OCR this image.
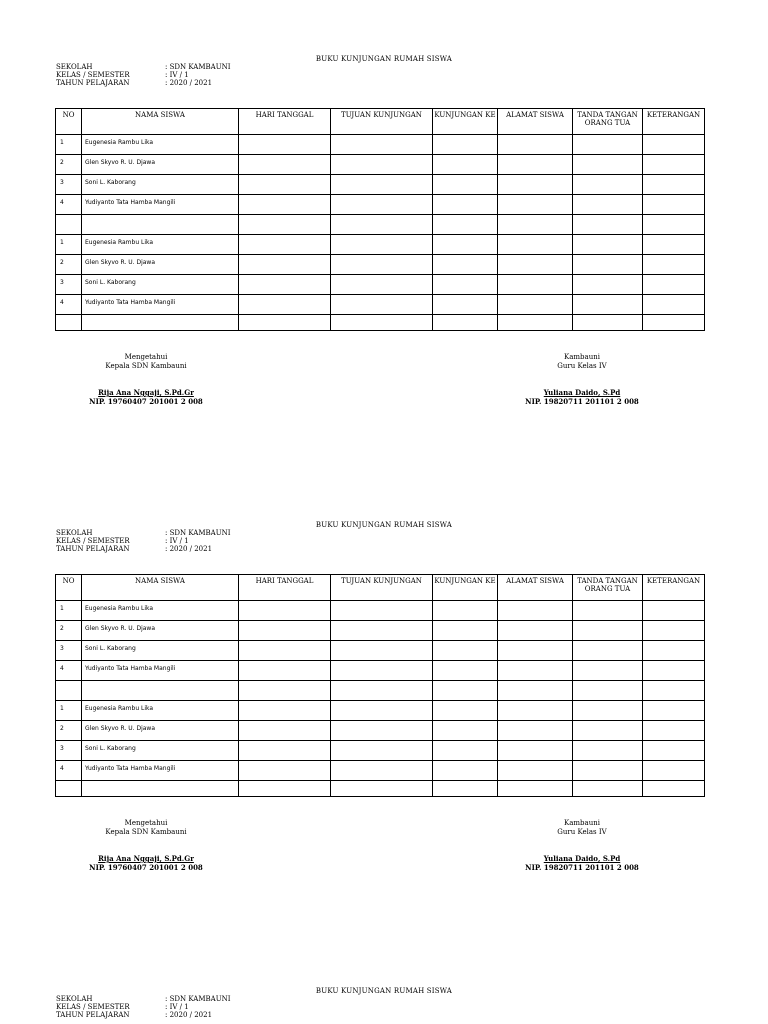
BUKU KUNJUNGAN RUMAH SISWA
SEKOLAH	: SDN KAMBAUNI
KELAS / SEMESTER	: IV / 1
TAHUN PELAJARAN	: 2020 / 2021
NO	NAMA SISWA	HARI TANGGAL	TUJUAN KUNJUNGAN	KUNJUNGAN KE	ALAMAT SISWA	TANDA TANGAN ORANG TUA	KETERANGAN
1	Eugenesia Rambu Lika						
2	Glen Skyvo R. U. Djawa						
3	Soni L. Kaborang						
4	Yudiyanto Tata Hamba Mangili						

1	Eugenesia Rambu Lika						
2	Glen Skyvo R. U. Djawa						
3	Soni L. Kaborang						
4	Yudiyanto Tata Hamba Mangili						

Mengetahui
Kepala SDN Kambauni
Rija Ana Nggaji, S.Pd.Gr
NIP. 19760407 201001 2 008
Kambauni
Guru Kelas IV
Yuliana Daido, S.Pd
NIP. 19820711 201101 2 008
BUKU KUNJUNGAN RUMAH SISWA
SEKOLAH	: SDN KAMBAUNI
KELAS / SEMESTER	: IV / 1
TAHUN PELAJARAN	: 2020 / 2021
NO	NAMA SISWA	HARI TANGGAL	TUJUAN KUNJUNGAN	KUNJUNGAN KE	ALAMAT SISWA	TANDA TANGAN ORANG TUA	KETERANGAN
1	Eugenesia Rambu Lika						
2	Glen Skyvo R. U. Djawa						
3	Soni L. Kaborang						
4	Yudiyanto Tata Hamba Mangili						

1	Eugenesia Rambu Lika						
2	Glen Skyvo R. U. Djawa						
3	Soni L. Kaborang						
4	Yudiyanto Tata Hamba Mangili						

Mengetahui
Kepala SDN Kambauni
Rija Ana Nggaji, S.Pd.Gr
NIP. 19760407 201001 2 008
Kambauni
Guru Kelas IV
Yuliana Daido, S.Pd
NIP. 19820711 201101 2 008
BUKU KUNJUNGAN RUMAH SISWA
SEKOLAH	: SDN KAMBAUNI
KELAS / SEMESTER	: IV / 1
TAHUN PELAJARAN	: 2020 / 2021
